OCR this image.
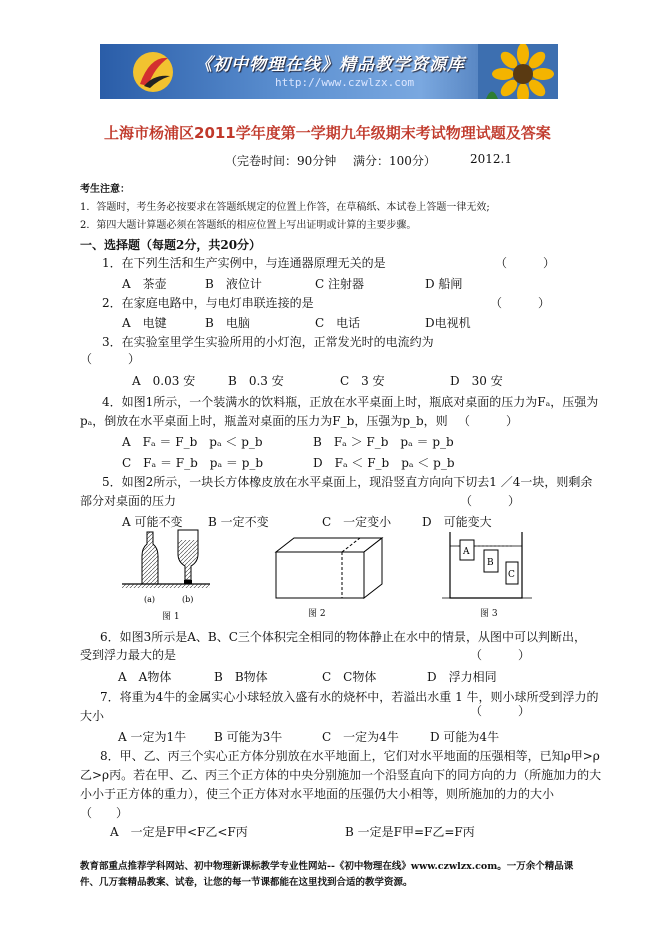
《初中物理在线》精品教学资源库
http://www.czwlzx.com
上海市杨浦区2011学年度第一学期九年级期末考试物理试题及答案
（完卷时间：90分钟 满分：100分）	2012.1
考生注意：
1．答题时，考生务必按要求在答题纸规定的位置上作答，在草稿纸、本试卷上答题一律无效;
2．第四大题计算题必须在答题纸的相应位置上写出证明或计算的主要步骤。
一、选择题（每题2分，共20分）
1．在下列生活和生产实例中，与连通器原理无关的是	（　　　）
A　茶壶	B　液位计	C 注射器	D 船闸
2．在家庭电路中，与电灯串联连接的是	（　　　）
A　电键	B　电脑	C　电话	D电视机
3．在实验室里学生实验所用的小灯泡，正常发光时的电流约为
（　　　）
A　0.03 安	B　0.3 安	C　3 安	D　30 安
4．如图1所示，一个装满水的饮料瓶，正放在水平桌面上时，瓶底对桌面的压力为Fₐ，压强为
pₐ，倒放在水平桌面上时，瓶盖对桌面的压力为F_b，压强为p_b，则 （　　　）
A　Fₐ ＝ F_b　pₐ ＜ p_b	B　Fₐ ＞ F_b　pₐ ＝ p_b
C　Fₐ ＝ F_b　pₐ ＝ p_b	D　Fₐ ＜ F_b　pₐ ＜ p_b
5．如图2所示，一块长方体橡皮放在水平桌面上，现沿竖直方向向下切去1 ／4一块，则剩余
部分对桌面的压力	（　　　）
A 可能不变 B 一定不变	C　一定变小	D　可能变大
(a)	(b)
图 1	图 2
A
B
C
图 3
6．如图3所示是A、B、C三个体积完全相同的物体静止在水中的情景，从图中可以判断出，
受到浮力最大的是	（　　　）
A　A物体	B　B物体	C　C物体	D　浮力相同
7．将重为4牛的金属实心小球轻放入盛有水的烧杯中，若溢出水重 1 牛，则小球所受到浮力的
大小	（　　　）
A 一定为1牛 B 可能为3牛	C　一定为4牛	D 可能为4牛
8．甲、乙、丙三个实心正方体分别放在水平地面上，它们对水平地面的压强相等，已知ρ甲>ρ
乙>ρ丙。若在甲、乙、丙三个正方体的中央分别施加一个沿竖直向下的同方向的力（所施加力的大
小小于正方体的重力），使三个正方体对水平地面的压强仍大小相等，则所施加的力的大小
（　　）
A　一定是F甲<F乙<F丙	B 一定是F甲=F乙=F丙
教育部重点推荐学科网站、初中物理新课标教学专业性网站--《初中物理在线》www.czwlzx.com。一万余个精品课
件、几万套精品教案、试卷，让您的每一节课都能在这里找到合适的教学资源。
